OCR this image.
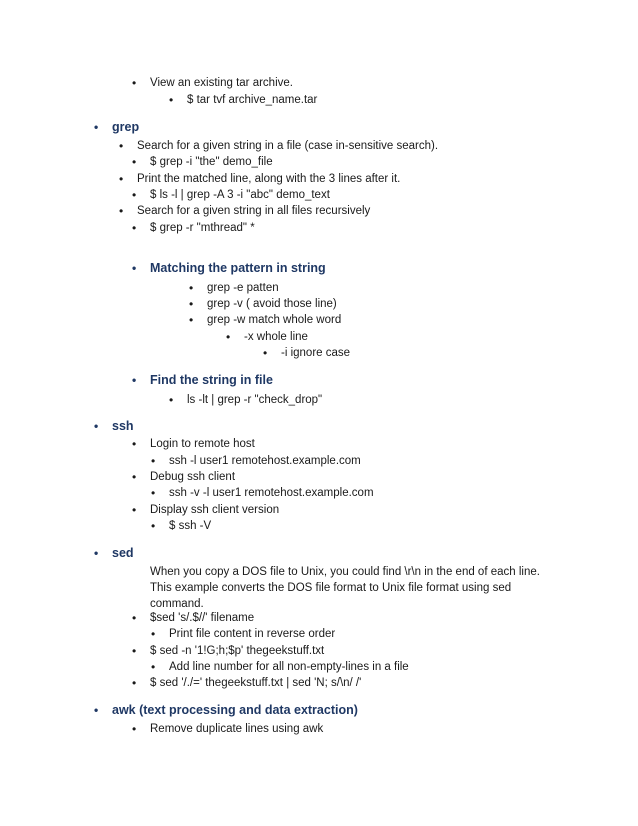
• View an existing tar archive.
• $ tar tvf archive_name.tar
• grep
• Search for a given string in a file (case in-sensitive search).
• $ grep -i "the" demo_file
• Print the matched line, along with the 3 lines after it.
• $ ls -l | grep -A 3 -i "abc" demo_text
• Search for a given string in all files recursively
• $ grep -r "mthread" *
• Matching the pattern in string
• grep -e patten
• grep -v ( avoid those line)
• grep -w match whole word
• -x whole line
• -i ignore case
• Find the string in file
• ls -lt | grep -r "check_drop"
• ssh
• Login to remote host
• ssh -l user1 remotehost.example.com
• Debug ssh client
• ssh -v -l user1 remotehost.example.com
• Display ssh client version
• $ ssh -V
• sed
When you copy a DOS file to Unix, you could find \r\n in the end of each line.
This example converts the DOS file format to Unix file format using sed
command.
• $sed 's/.$//' filename
• Print file content in reverse order
• $ sed -n '1!G;h;$p' thegeekstuff.txt
• Add line number for all non-empty-lines in a file
• $ sed '/./=' thegeekstuff.txt | sed 'N; s/\n/ /'
• awk (text processing and data extraction)
• Remove duplicate lines using awk
